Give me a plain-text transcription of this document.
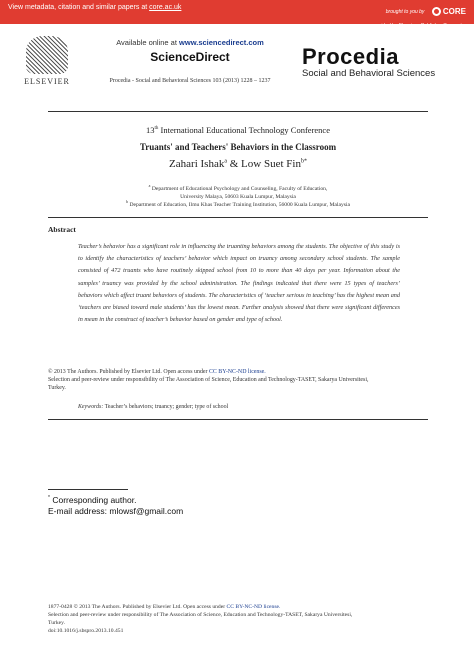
View metadata, citation and similar papers at core.ac.uk
brought to you by CORE
provided by Elsevier - Publisher Connector
ELSEVIER
Available online at www.sciencedirect.com
ScienceDirect
Procedia - Social and Behavioral Sciences 103 (2013) 1228 – 1237
Procedia
Social and Behavioral Sciences
13th International Educational Technology Conference
Truants' and Teachers' Behaviors in the Classroom
Zahari Ishak$^a$ & Low Suet Fin$^{b*}$
$^a$ Department of Educational Psychology and Counseling, Faculty of Education,
University Malaya, 50603 Kuala Lumpur, Malaysia
$^b$ Department of Education, Ilmu Khas Teacher Training Institution, 56000 Kuala Lumpur, Malaysia
Abstract
Teacher’s behavior has a significant role in influencing the truanting behaviors among the students. The objective of this study is to identify the characteristics of teachers’ behavior which impact on truancy among secondary school students. The sample consisted of 472 truants who have routinely skipped school from 10 to more than 40 days per year. Information about the samples’ truancy was provided by the school administration. The findings indicated that there were 15 types of teachers’ behaviors which affect truant behaviors of students. The characteristics of ‘teacher serious in teaching’ has the highest mean and ‘teachers are biased toward male students’ has the lowest mean. Further analysis showed that there were significant differences in mean in the construct of teacher’s behavior based on gender and type of school.
© 2013 The Authors. Published by Elsevier Ltd. Open access under CC BY-NC-ND license.
Selection and peer-review under responsibility of The Association of Science, Education and Technology-TASET, Sakarya Universitesi, Turkey.
Keywords: Teacher’s behaviors; truancy; gender; type of school
* Corresponding author.
E-mail address: mlowsf@gmail.com
1877-0428 © 2013 The Authors. Published by Elsevier Ltd. Open access under CC BY-NC-ND license.
Selection and peer-review under responsibility of The Association of Science, Education and Technology-TASET, Sakarya Universitesi, Turkey.
doi:10.1016/j.sbspro.2013.10.451
